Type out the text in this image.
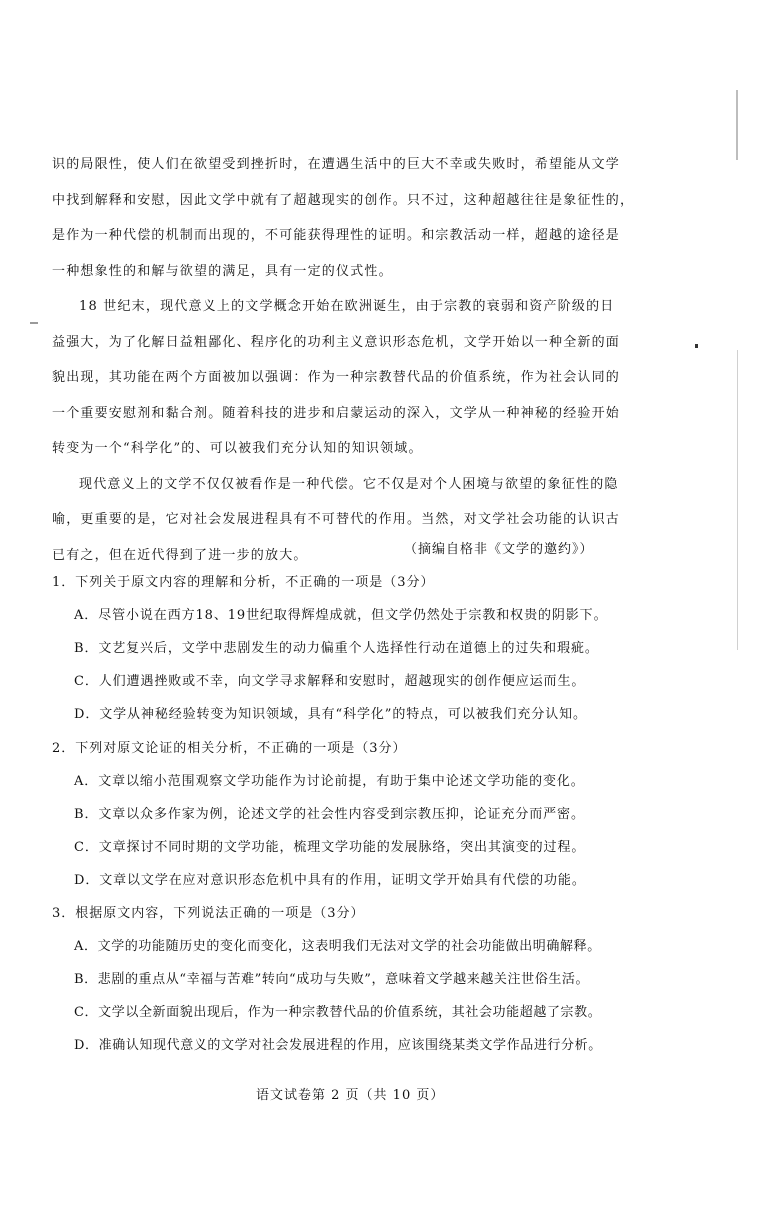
识的局限性，使人们在欲望受到挫折时，在遭遇生活中的巨大不幸或失败时，希望能从文学
中找到解释和安慰，因此文学中就有了超越现实的创作。只不过，这种超越往往是象征性的，
是作为一种代偿的机制而出现的，不可能获得理性的证明。和宗教活动一样，超越的途径是
一种想象性的和解与欲望的满足，具有一定的仪式性。
18 世纪末，现代意义上的文学概念开始在欧洲诞生，由于宗教的衰弱和资产阶级的日
益强大，为了化解日益粗鄙化、程序化的功利主义意识形态危机，文学开始以一种全新的面
貌出现，其功能在两个方面被加以强调：作为一种宗教替代品的价值系统，作为社会认同的
一个重要安慰剂和黏合剂。随着科技的进步和启蒙运动的深入，文学从一种神秘的经验开始
转变为一个“科学化”的、可以被我们充分认知的知识领域。
现代意义上的文学不仅仅被看作是一种代偿。它不仅是对个人困境与欲望的象征性的隐
喻，更重要的是，它对社会发展进程具有不可替代的作用。当然，对文学社会功能的认识古
已有之，但在近代得到了进一步的放大。	（摘编自格非《文学的邀约》）
1．下列关于原文内容的理解和分析，不正确的一项是（3分）
A．尽管小说在西方18、19世纪取得辉煌成就，但文学仍然处于宗教和权贵的阴影下。
B．文艺复兴后，文学中悲剧发生的动力偏重个人选择性行动在道德上的过失和瑕疵。
C．人们遭遇挫败或不幸，向文学寻求解释和安慰时，超越现实的创作便应运而生。
D．文学从神秘经验转变为知识领域，具有“科学化”的特点，可以被我们充分认知。
2．下列对原文论证的相关分析，不正确的一项是（3分）
A．文章以缩小范围观察文学功能作为讨论前提，有助于集中论述文学功能的变化。
B．文章以众多作家为例，论述文学的社会性内容受到宗教压抑，论证充分而严密。
C．文章探讨不同时期的文学功能，梳理文学功能的发展脉络，突出其演变的过程。
D．文章以文学在应对意识形态危机中具有的作用，证明文学开始具有代偿的功能。
3．根据原文内容，下列说法正确的一项是（3分）
A．文学的功能随历史的变化而变化，这表明我们无法对文学的社会功能做出明确解释。
B．悲剧的重点从“幸福与苦难”转向“成功与失败”，意味着文学越来越关注世俗生活。
C．文学以全新面貌出现后，作为一种宗教替代品的价值系统，其社会功能超越了宗教。
D．准确认知现代意义的文学对社会发展进程的作用，应该围绕某类文学作品进行分析。
语文试卷第 2 页（共 10 页）
